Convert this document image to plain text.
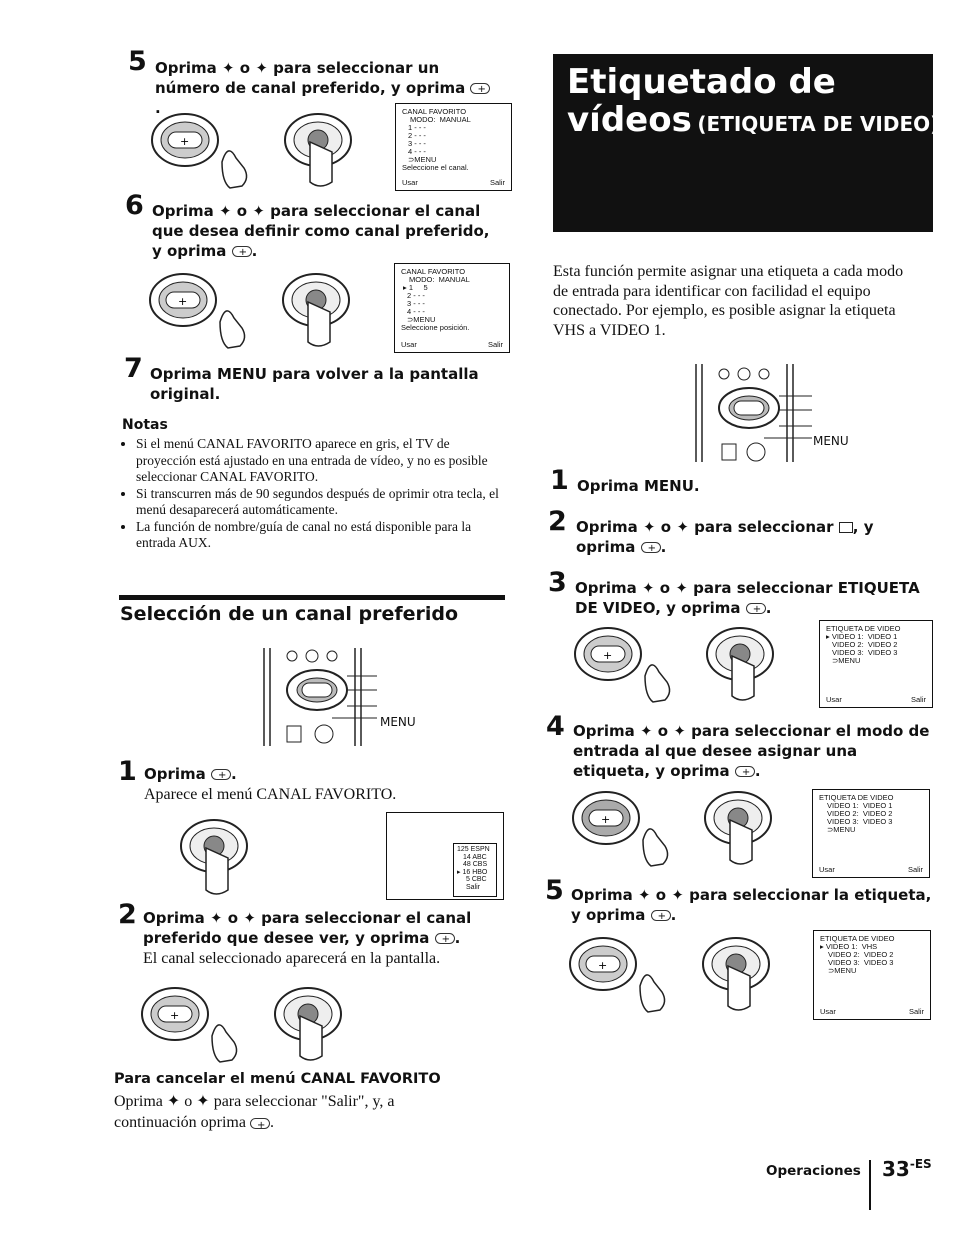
5 Oprima ✦ o ✦ para seleccionar un número de canal preferido, y oprima +.
+
CANAL FAVORITO
MODO:  MANUAL
1 - - -
2 - - -
3 - - -
4 - - -
⊃MENU
Seleccione el canal.
Usar	Salir
6 Oprima ✦ o ✦ para seleccionar el canal que desea definir como canal preferido, y oprima + .
+
CANAL FAVORITO
MODO:  MANUAL
▸ 1     5
2 - - -
3 - - -
4 - - -
⊃MENU
Seleccione posición.
Usar	Salir
7 Oprima MENU para volver a la pantalla original.
Notas
• Si el menú CANAL FAVORITO aparece en gris, el TV de proyección está ajustado en una entrada de vídeo, y no es posible seleccionar CANAL FAVORITO.
• Si transcurren más de 90 segundos después de oprimir otra tecla, el menú desaparecerá automáticamente.
• La función de nombre/guía de canal no está disponible para la entrada AUX.
Selección de un canal preferido
MENU
1 Oprima + .
Aparece el menú CANAL FAVORITO.
125 ESPN
14 ABC
48 CBS
▸ 16 HBO
5 CBC
Salir
2 Oprima ✦ o ✦ para seleccionar el canal preferido que desee ver, y oprima + .
El canal seleccionado aparecerá en la pantalla.
+
Para cancelar el menú CANAL FAVORITO
Oprima ✦ o ✦ para seleccionar "Salir", y, a
continuación oprima + .
Etiquetado de
vídeos (ETIQUETA DE VIDEO)
Esta función permite asignar una etiqueta a cada modo
de entrada para identificar con facilidad el equipo
conectado. Por ejemplo, es posible asignar la etiqueta
VHS a VIDEO 1.
MENU
1 Oprima MENU.
2 Oprima ✦ o ✦ para seleccionar , y oprima + .
3 Oprima ✦ o ✦ para seleccionar ETIQUETA DE VIDEO, y oprima + .
+
ETIQUETA DE VIDEO
▸ VIDEO 1:  VIDEO 1
VIDEO 2:  VIDEO 2
VIDEO 3:  VIDEO 3
⊃MENU
Usar	Salir
4 Oprima ✦ o ✦ para seleccionar el modo de entrada al que desee asignar una etiqueta, y oprima + .
+
ETIQUETA DE VIDEO
VIDEO 1:  VIDEO 1
VIDEO 2:  VIDEO 2
VIDEO 3:  VIDEO 3
⊃MENU
Usar	Salir
5 Oprima ✦ o ✦ para seleccionar la etiqueta, y oprima + .
+
ETIQUETA DE VIDEO
▸ VIDEO 1:  VHS
VIDEO 2:  VIDEO 2
VIDEO 3:  VIDEO 3
⊃MENU
Usar	Salir
Operaciones $33^{-ES}$
